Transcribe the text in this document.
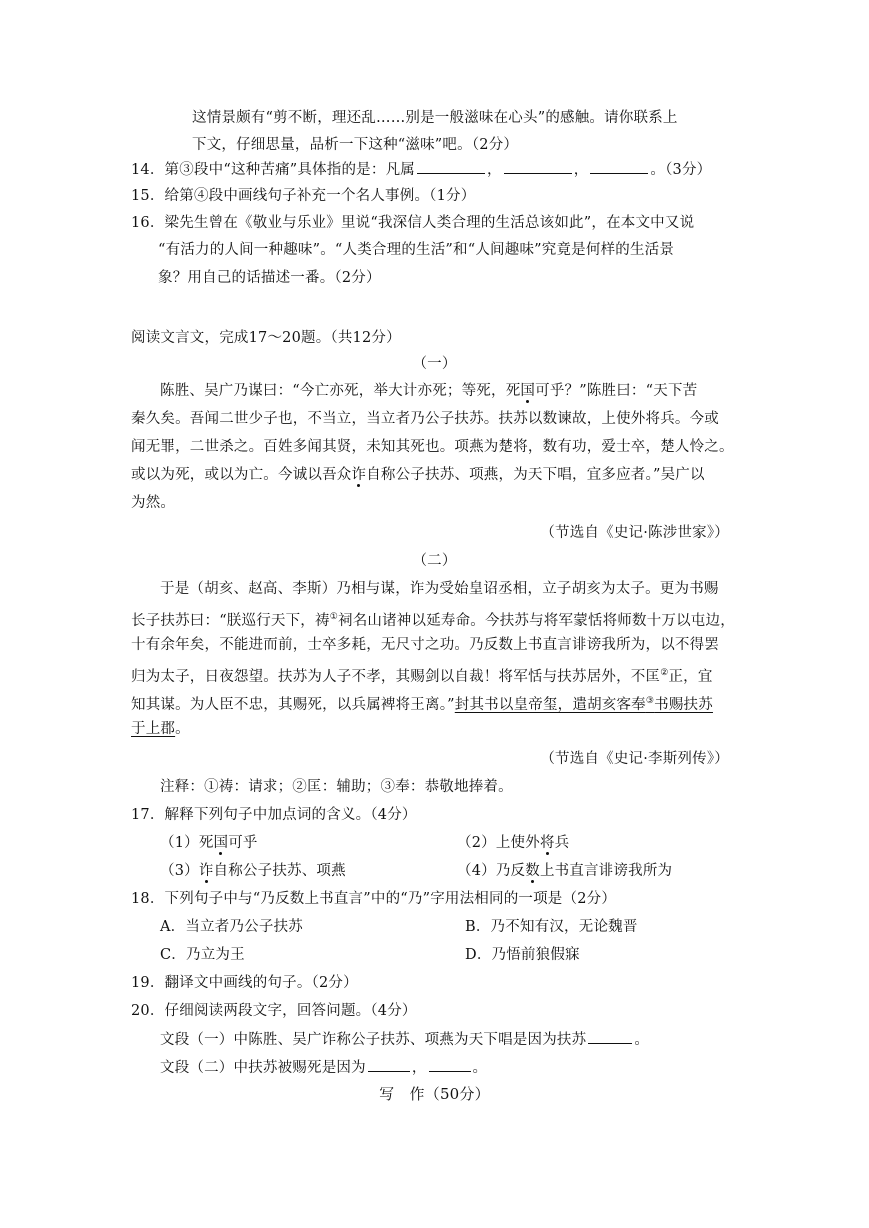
这情景颇有“剪不断，理还乱……别是一般滋味在心头”的感触。请你联系上
下文，仔细思量，品析一下这种“滋味”吧。（2分）
14．第③段中“这种苦痛”具体指的是：凡属	，	，	。（3分）
15．给第④段中画线句子补充一个名人事例。（1分）
16．梁先生曾在《敬业与乐业》里说“我深信人类合理的生活总该如此”，在本文中又说
“有活力的人间一种趣味”。“人类合理的生活”和“人间趣味”究竟是何样的生活景
象？用自己的话描述一番。（2分）
阅读文言文，完成17～20题。（共12分）
（一）
陈胜、吴广乃谋曰：“今亡亦死，举大计亦死；等死，死国可乎？”陈胜曰：“天下苦
秦久矣。吾闻二世少子也，不当立，当立者乃公子扶苏。扶苏以数谏故，上使外将兵。今或
闻无罪，二世杀之。百姓多闻其贤，未知其死也。项燕为楚将，数有功，爱士卒，楚人怜之。
或以为死，或以为亡。今诚以吾众诈自称公子扶苏、项燕，为天下唱，宜多应者。”吴广以
为然。
（节选自《史记·陈涉世家》）
（二）
于是（胡亥、赵高、李斯）乃相与谋，诈为受始皇诏丞相，立子胡亥为太子。更为书赐
长子扶苏曰：“朕巡行天下，祷①祠名山诸神以延寿命。今扶苏与将军蒙恬将师数十万以屯边，
十有余年矣，不能进而前，士卒多耗，无尺寸之功。乃反数上书直言诽谤我所为，以不得罢
归为太子，日夜怨望。扶苏为人子不孝，其赐剑以自裁！将军恬与扶苏居外，不匡②正，宜
知其谋。为人臣不忠，其赐死，以兵属裨将王离。”封其书以皇帝玺，遣胡亥客奉③书赐扶苏
于上郡。
（节选自《史记·李斯列传》）
注释：①祷：请求；②匡：辅助；③奉：恭敬地捧着。
17．解释下列句子中加点词的含义。（4分）
（1）死国可乎	（2）上使外将兵
（3）诈自称公子扶苏、项燕	（4）乃反数上书直言诽谤我所为
18．下列句子中与“乃反数上书直言”中的“乃”字用法相同的一项是（2分）
A．当立者乃公子扶苏	B．乃不知有汉，无论魏晋
C．乃立为王	D．乃悟前狼假寐
19．翻译文中画线的句子。（2分）
20．仔细阅读两段文字，回答问题。（4分）
文段（一）中陈胜、吴广诈称公子扶苏、项燕为天下唱是因为扶苏	。
文段（二）中扶苏被赐死是因为	，	。
写　作（50分）
